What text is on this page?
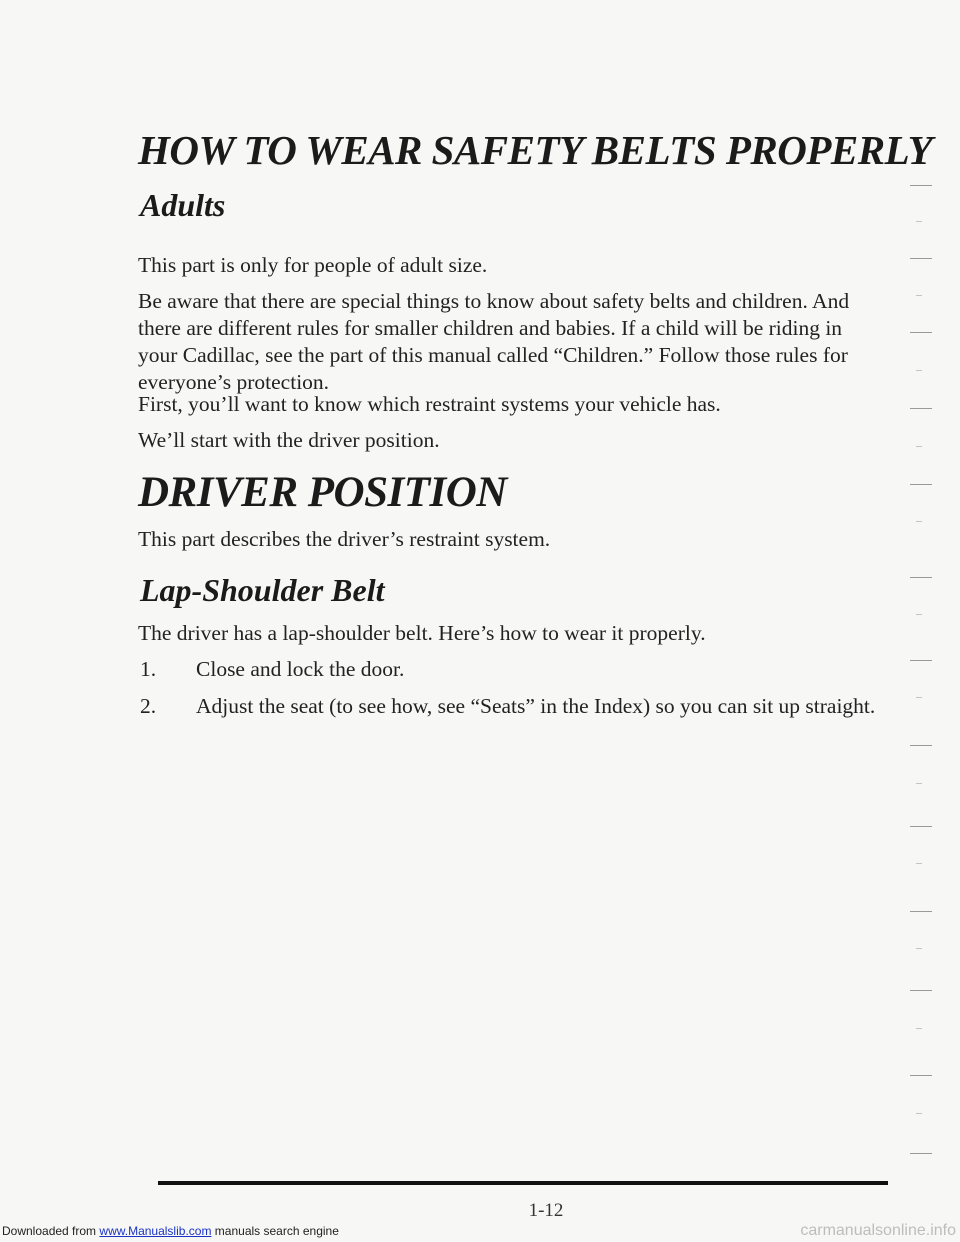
HOW TO WEAR SAFETY BELTS PROPERLY
Adults

This part is only for people of adult size.

Be aware that there are special things to know about safety belts and children. And there are different rules for smaller children and babies. If a child will be riding in your Cadillac, see the part of this manual called “Children.” Follow those rules for everyone’s protection.

First, you’ll want to know which restraint systems your vehicle has.

We’ll start with the driver position.

DRIVER POSITION

This part describes the driver’s restraint system.

Lap-Shoulder Belt

The driver has a lap-shoulder belt. Here’s how to wear it properly.

1. Close and lock the door.
2. Adjust the seat (to see how, see “Seats” in the Index) so you can sit up straight.
1-12
Downloaded from www.Manualslib.com manuals search engine	carmanualsonline.info
